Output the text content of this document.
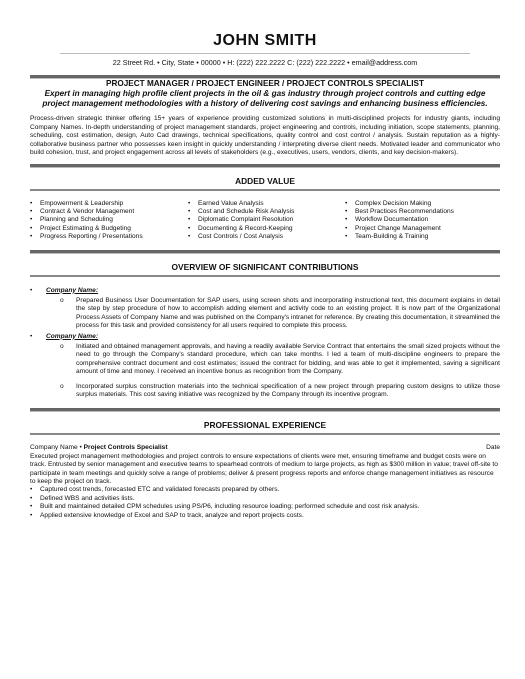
JOHN SMITH
22 Street Rd. • City, State • 00000 • H: (222) 222.2222 C: (222) 222.2222 • email@address.com
PROJECT MANAGER / PROJECT ENGINEER / PROJECT CONTROLS SPECIALIST
Expert in managing high profile client projects in the oil & gas industry through project controls and cutting edge project management methodologies with a history of delivering cost savings and enhancing business efficiencies.
Process-driven strategic thinker offering 15+ years of experience providing customized solutions in multi-disciplined projects for industry giants, including Company Names. In-depth understanding of project management standards, project engineering and controls, including initiation, scope statements, planning, scheduling, cost estimation, design, Auto Cad drawings, technical specifications, quality control and cost control / analysis. Sustain reputation as a highly-collaborative business partner who possesses keen insight in quickly understanding / interpreting diverse client needs. Motivated leader and communicator who build cohesion, trust, and project engagement across all levels of stakeholders (e.g., executives, users, vendors, clients, and key decision-makers).
ADDED VALUE
• Empowerment & Leadership
• Contract & Vendor Management
• Planning and Scheduling
• Project Estimating & Budgeting
• Progress Reporting / Presentations
• Earned Value Analysis
• Cost and Schedule Risk Analysis
• Diplomatic Complaint Resolution
• Documenting & Record-Keeping
• Cost Controls / Cost Analysis
• Complex Decision Making
• Best Practices Recommendations
• Workflow Documentation
• Project Change Management
• Team-Building & Training
OVERVIEW OF SIGNIFICANT CONTRIBUTIONS
•	Company Name:
o	Prepared Business User Documentation for SAP users, using screen shots and incorporating instructional text, this document explains in detail the step by step procedure of how to accomplish adding element and activity code to an existing project. It is now part of the Organizational Process Assets of Company Name and was published on the Company's intranet for reference. By creating this documentation, it streamlined the process for this task and provided consistency for all users required to complete this process.
•	Company Name:
o	Initiated and obtained management approvals, and having a readily available Service Contract that entertains the small sized projects without the need to go through the Company's standard procedure, which can take months. I led a team of multi-discipline engineers to prepare the comprehensive contract document and cost estimates; issued the contract for bidding, and was able to get it implemented, saving a significant amount of time and money. I received an incentive bonus as recognition from the Company.
o	Incorporated surplus construction materials into the technical specification of a new project through preparing custom designs to utilize those surplus materials. This cost saving initiative was recognized by the Company through its incentive program.
PROFESSIONAL EXPERIENCE
Company Name • Project Controls Specialist	Date
Executed project management methodologies and project controls to ensure expectations of clients were met, ensuring timeframe and budget costs were on track. Entrusted by senior management and executive teams to spearhead controls of medium to large projects, as high as $300 million in value; travel off-site to participate in team meetings and quickly solve a range of problems; deliver & present progress reports and enforce change management initiatives as resource to keep the project on track.
• Captured cost trends, forecasted ETC and validated forecasts prepared by others.
• Defined WBS and activities lists.
• Built and maintained detailed CPM schedules using PS/P6, including resource loading; performed schedule and cost risk analysis.
• Applied extensive knowledge of Excel and SAP to track, analyze and report projects costs.
